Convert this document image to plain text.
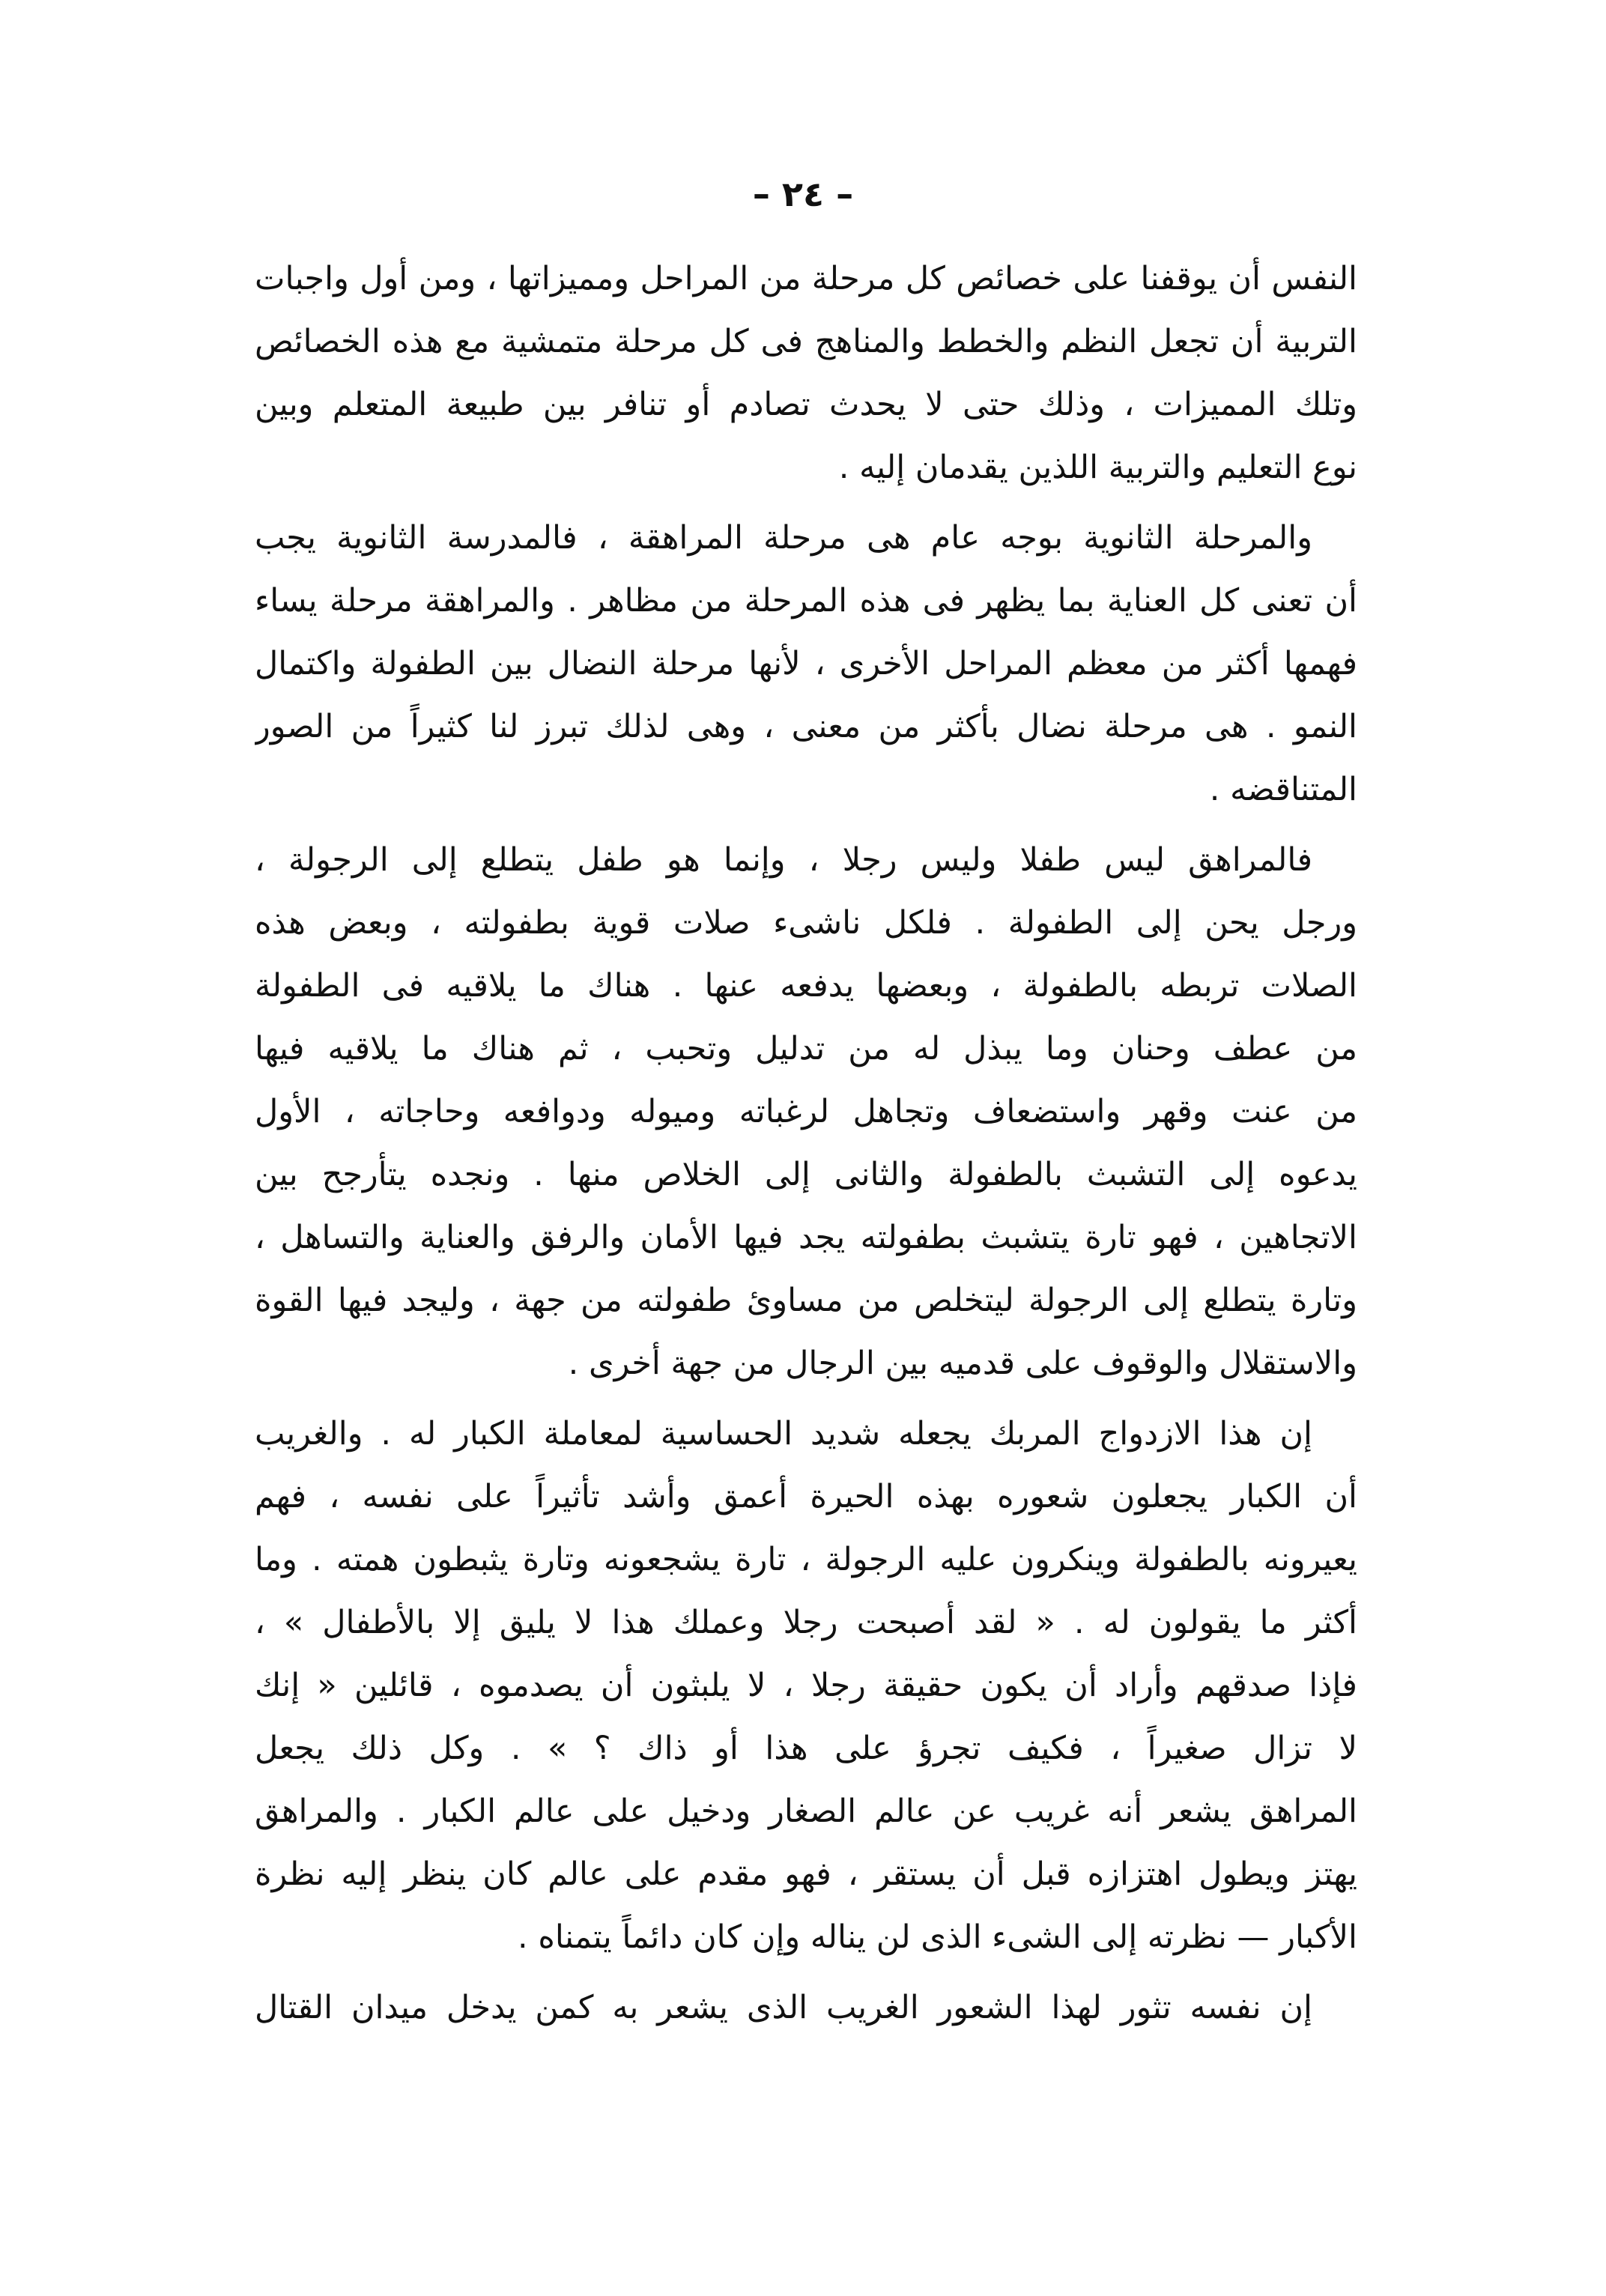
– ٢٤ –
النفس أن يوقفنا على خصائص كل مرحلة من المراحل ومميزاتها ، ومن أول واجبات
التربية أن تجعل النظم والخطط والمناهج فى كل مرحلة متمشية مع هذه الخصائص
وتلك المميزات ، وذلك حتى لا يحدث تصادم أو تنافر بين طبيعة المتعلم وبين
نوع التعليم والتربية اللذين يقدمان إليه .
والمرحلة الثانوية بوجه عام هى مرحلة المراهقة ، فالمدرسة الثانوية يجب
أن تعنى كل العناية بما يظهر فى هذه المرحلة من مظاهر . والمراهقة مرحلة يساء
فهمها أكثر من معظم المراحل الأخرى ، لأنها مرحلة النضال بين الطفولة واكتمال
النمو . هى مرحلة نضال بأكثر من معنى ، وهى لذلك تبرز لنا كثيراً من الصور
المتناقضه .
فالمراهق ليس طفلا وليس رجلا ، وإنما هو طفل يتطلع إلى الرجولة ،
ورجل يحن إلى الطفولة . فلكل ناشىء صلات قوية بطفولته ، وبعض هذه
الصلات تربطه بالطفولة ، وبعضها يدفعه عنها . هناك ما يلاقيه فى الطفولة
من عطف وحنان وما يبذل له من تدليل وتحبب ، ثم هناك ما يلاقيه فيها
من عنت وقهر واستضعاف وتجاهل لرغباته وميوله ودوافعه وحاجاته ، الأول
يدعوه إلى التشبث بالطفولة والثانى إلى الخلاص منها . ونجده يتأرجح بين
الاتجاهين ، فهو تارة يتشبث بطفولته يجد فيها الأمان والرفق والعناية والتساهل ،
وتارة يتطلع إلى الرجولة ليتخلص من مساوئ طفولته من جهة ، وليجد فيها القوة
والاستقلال والوقوف على قدميه بين الرجال من جهة أخرى .
إن هذا الازدواج المربك يجعله شديد الحساسية لمعاملة الكبار له . والغريب
أن الكبار يجعلون شعوره بهذه الحيرة أعمق وأشد تأثيراً على نفسه ، فهم
يعيرونه بالطفولة وينكرون عليه الرجولة ، تارة يشجعونه وتارة يثبطون همته . وما
أكثر ما يقولون له . « لقد أصبحت رجلا وعملك هذا لا يليق إلا بالأطفال » ،
فإذا صدقهم وأراد أن يكون حقيقة رجلا ، لا يلبثون أن يصدموه ، قائلين « إنك
لا تزال صغيراً ، فكيف تجرؤ على هذا أو ذاك ؟ » . وكل ذلك يجعل
المراهق يشعر أنه غريب عن عالم الصغار ودخيل على عالم الكبار . والمراهق
يهتز ويطول اهتزازه قبل أن يستقر ، فهو مقدم على عالم كان ينظر إليه نظرة
الأكبار — نظرته إلى الشىء الذى لن يناله وإن كان دائماً يتمناه .
إن نفسه تثور لهذا الشعور الغريب الذى يشعر به كمن يدخل ميدان القتال
